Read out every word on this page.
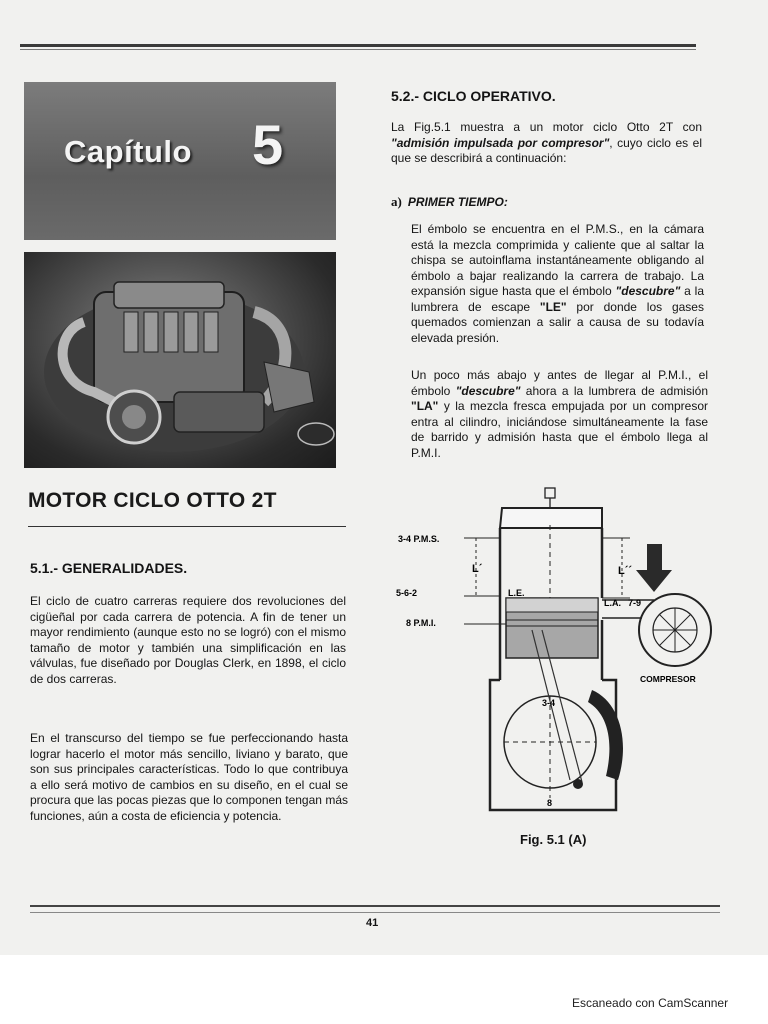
Capítulo 5
MOTOR CICLO OTTO 2T
5.1.- GENERALIDADES.
El ciclo de cuatro carreras requiere dos revoluciones del cigüeñal por cada carrera de potencia. A fin de tener un mayor rendimiento (aunque esto no se logró) con el mismo tamaño de motor y también una simplificación en las válvulas, fue diseñado por Douglas Clerk, en 1898, el ciclo de dos carreras.
En el transcurso del tiempo se fue perfeccionando hasta lograr hacerlo el motor más sencillo, liviano y barato, que son sus principales características. Todo lo que contribuya a ello será motivo de cambios en su diseño, en el cual se procura que las pocas piezas que lo componen tengan más funciones, aún a costa de eficiencia y potencia.
5.2.- CICLO OPERATIVO.
La Fig.5.1 muestra a un motor ciclo Otto 2T con "admisión impulsada por compresor", cuyo ciclo es el que se describirá a continuación:
a) PRIMER TIEMPO:
El émbolo se encuentra en el P.M.S., en la cámara está la mezcla comprimida y caliente que al saltar la chispa se autoinflama instantáneamente obligando al émbolo a bajar realizando la carrera de trabajo. La expansión sigue hasta que el émbolo "descubre" a la lumbrera de escape "LE" por donde los gases quemados comienzan a salir a causa de su todavía elevada presión.
Un poco más abajo y antes de llegar al P.M.I., el émbolo "descubre" ahora a la lumbrera de admisión "LA" y la mezcla fresca empujada por un compresor entra al cilindro, iniciándose simultáneamente la fase de barrido y admisión hasta que el émbolo llega al P.M.I.
3-4 P.M.S.
5-6-2
8 P.M.I.
L´	L´´
L.E.
L.A. 7-9
3-4
8
COMPRESOR
Fig. 5.1 (A)
41
Escaneado con CamScanner
